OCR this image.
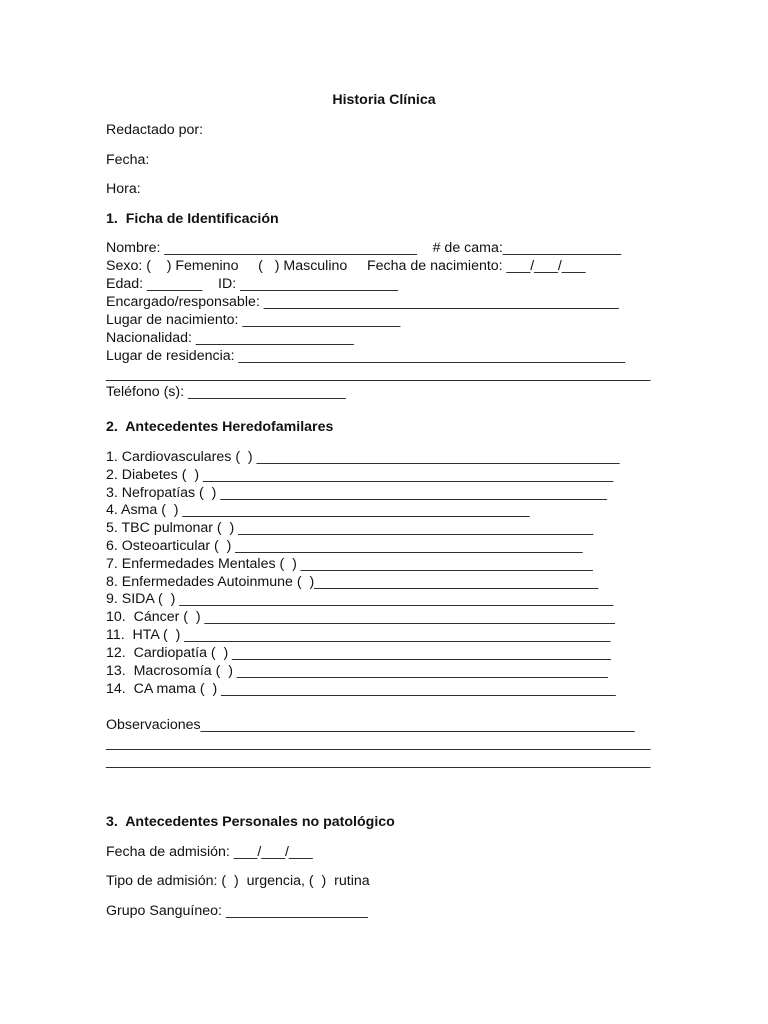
Historia Clínica
Redactado por:
Fecha:
Hora:
1.  Ficha de Identificación
Nombre: ________________________________    # de cama:_______________
Sexo: (    ) Femenino     (   ) Masculino     Fecha de nacimiento: ___/___/___
Edad: _______    ID: ____________________
Encargado/responsable: _____________________________________________
Lugar de nacimiento: ____________________
Nacionalidad: ____________________
Lugar de residencia: _________________________________________________
_____________________________________________________________________
Teléfono (s): ____________________
2.  Antecedentes Heredofamilares
1. Cardiovasculares (  ) ______________________________________________
2. Diabetes (  ) ____________________________________________________
3. Nefropatías (  ) _________________________________________________
4. Asma (  ) ____________________________________________
5. TBC pulmonar (  ) _____________________________________________
6. Osteoarticular (  ) ____________________________________________
7. Enfermedades Mentales (  ) _____________________________________
8. Enfermedades Autoinmune (  )____________________________________
9. SIDA (  ) _______________________________________________________
10.  Cáncer (  ) ____________________________________________________
11.  HTA (  ) ______________________________________________________
12.  Cardiopatía (  ) ________________________________________________
13.  Macrosomía (  ) _______________________________________________
14.  CA mama (  ) __________________________________________________
Observaciones_______________________________________________________
_____________________________________________________________________
_____________________________________________________________________
3.  Antecedentes Personales no patológico
Fecha de admisión: ___/___/___
Tipo de admisión: (  )  urgencia, (  )  rutina
Grupo Sanguíneo: __________________
